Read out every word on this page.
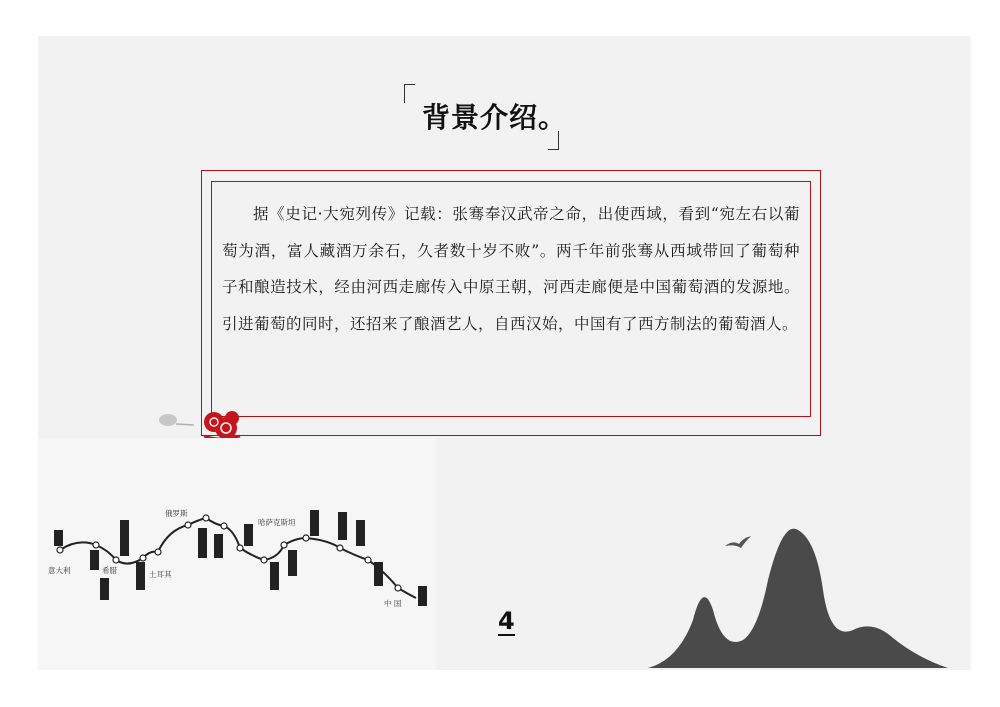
背景介绍。
据《史记·大宛列传》记载：张骞奉汉武帝之命，出使西域，看到“宛左右以葡萄为酒，富人藏酒万余石，久者数十岁不败”。两千年前张骞从西域带回了葡萄种子和酿造技术，经由河西走廊传入中原王朝，河西走廊便是中国葡萄酒的发源地。引进葡萄的同时，还招来了酿酒艺人，自西汉始，中国有了西方制法的葡萄酒人。
意大利	希腊	土耳其
俄罗斯
哈萨克斯坦
中 国
4
